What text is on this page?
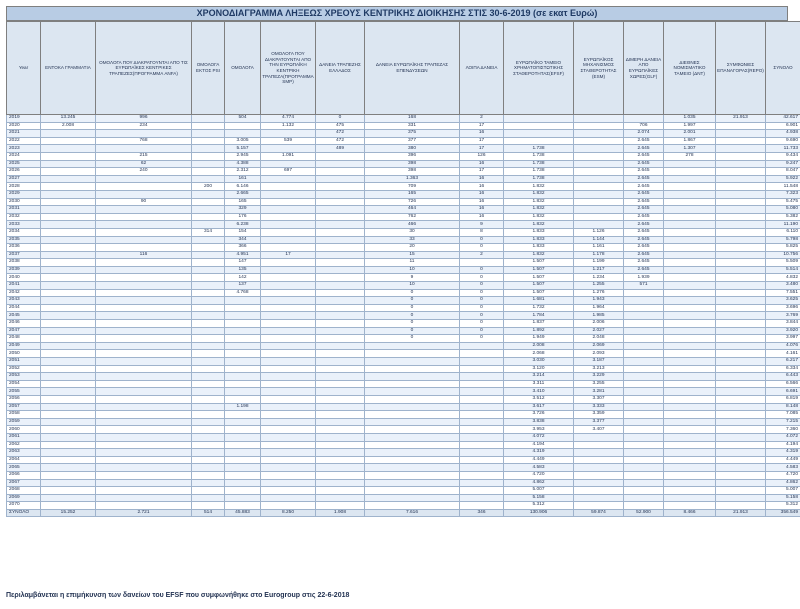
ΧΡΟΝΟΔΙΑΓΡΑΜΜΑ ΛΗΞΕΩΣ ΧΡΕΟΥΣ ΚΕΝΤΡΙΚΗΣ ΔΙΟΙΚΗΣΗΣ ΣΤΙΣ 30-6-2019 (σε εκατ Ευρώ)
Year	ΕΝΤΟΚΑ ΓΡΑΜΜΑΤΙΑ	ΟΜΟΛΟΓΑ ΠΟΥ ΔΙΑΚΡΑΤΟΥΝΤΑΙ ΑΠΟ ΤΙΣ ΕΥΡΩΠΑΪΚΕΣ ΚΕΝΤΡΙΚΕΣ ΤΡΑΠΕΖΕΣ(ΠΡΟΓΡΑΜΜΑ ANFA)	ΟΜΟΛΟΓΑ ΕΚΤΟΣ PSI	ΟΜΟΛΟΓΑ	ΟΜΟΛΟΓΑ ΠΟΥ ΔΙΑΚΡΑΤΟΥΝΤΑΙ ΑΠΟ ΤΗΝ ΕΥΡΩΠΑΪΚΗ ΚΕΝΤΡΙΚΗ ΤΡΑΠΕΖΑ(ΠΡΟΓΡΑΜΜΑ SMP)	ΔΑΝΕΙΑ ΤΡΑΠΕΖΗΣ ΕΛΛΑΔΟΣ	ΔΑΝΕΙΑ ΕΥΡΩΠΑΪΚΗΣ ΤΡΑΠΕΖΑΣ ΕΠΕΝΔΥΣΕΩΝ	ΛΟΙΠΑ ΔΑΝΕΙΑ	ΕΥΡΩΠΑΪΚΟ ΤΑΜΕΙΟ ΧΡΗΜΑΤΟΠΙΣΤΩΤΙΚΗΣ ΣΤΑΘΕΡΟΤΗΤΑΣ(EFSF)	ΕΥΡΩΠΑΪΚΟΣ ΜΗΧΑΝΙΣΜΟΣ ΣΤΑΘΕΡΟΤΗΤΑΣ (ESM)	ΔΙΜΕΡΗ ΔΑΝΕΙΑ ΑΠΟ ΕΥΡΩΠΑΪΚΕΣ ΧΩΡΕΣ(GLF)	ΔΙΕΘΝΕΣ ΝΟΜΙΣΜΑΤΙΚΟ ΤΑΜΕΙΟ (ΔΝΤ)	ΣΥΜΦΩΝΙΕΣ ΕΠΑΝΑΓΟΡΑΣ(REPO)	ΣΥΝΟΛΟ
2019	13.245	996		504	4.774	0	168	2				1.035	21.913	42.617
2020	2.008	234			1.132	475	331	17			706	1.997		6.901
2021						472	375	16			2.074	2.001		4.938
2022		768		3.005	539	472	377	17			2.645	1.867		9.690
2023				5.157		489	380	17	1.738		2.645	1.307		11.733
2024		215		2.945	1.091		396	126	1.738		2.645	278		9.434
2025		62		4.388			398	16	1.738		2.645			9.247
2026		240		2.312	697		398	17	1.738		2.645			8.047
2027				161			1.363	16	1.738		2.645			5.922
2028			200	6.146			709	16	1.832		2.645			11.548
2029				2.665			165	16	1.832		2.645			7.323
2030		90		165			726	16	1.832		2.645			5.475
2031				329			464	16	1.832		2.645			5.080
2032				176			762	16	1.832		2.645			5.382
2033				6.238			466	9	1.832		2.645			11.190
2034			314	154			30	8	1.833	1.126	2.645			6.110
2035				344			33	0	1.833	1.144	2.645			5.798
2036				366			20	0	1.833	1.161	2.645			5.825
2037		116		4.951	17		15	2	1.832	1.178	2.645			10.756
2038				147			11		1.507	1.199	2.645			5.509
2039				135			10	0	1.507	1.217	2.645			5.514
2040				142			9	0	1.507	1.234	1.939			4.832
2041				137			10	0	1.507	1.255	571			3.480
2042				4.768			0	0	1.507	1.276				7.551
2043							0	0	1.681	1.943				3.625
2044							0	0	1.732	1.964				3.696
2045							0	0	1.784	1.985				3.769
2046							0	0	1.837	2.006				3.844
2047							0	0	1.892	2.027				3.920
2048							0	0	1.949	2.048				3.997
2049									2.008	2.069				4.076
2050									2.068	2.093				4.161
2051									3.030	3.187				6.217
2052									3.120	3.213				6.334
2053									3.214	3.229				6.443
2054									3.311	3.255				6.566
2055									3.410	3.281				6.691
2056									3.512	3.307				6.819
2057				1.198					3.617	3.333				8.148
2058									3.726	3.359				7.085
2059									3.838	3.377				7.215
2060									3.953	3.407				7.360
2061									4.072					4.072
2062									4.194					4.194
2063									4.319					4.319
2064									4.449					4.449
2065									4.583					4.583
2066									4.720					4.720
2067									4.862					4.862
2068									5.007					5.007
2069									5.158					5.158
2070									5.312					5.312
ΣΥΝΟΛΟ	15.252	2.721	514	45.883	8.250	1.908	7.616	346	130.906	59.874	52.900	8.466	21.913	356.549
Περιλαμβάνεται η επιμήκυνση των δανείων του EFSF που συμφωνήθηκε στο Eurogroup στις 22-6-2018
